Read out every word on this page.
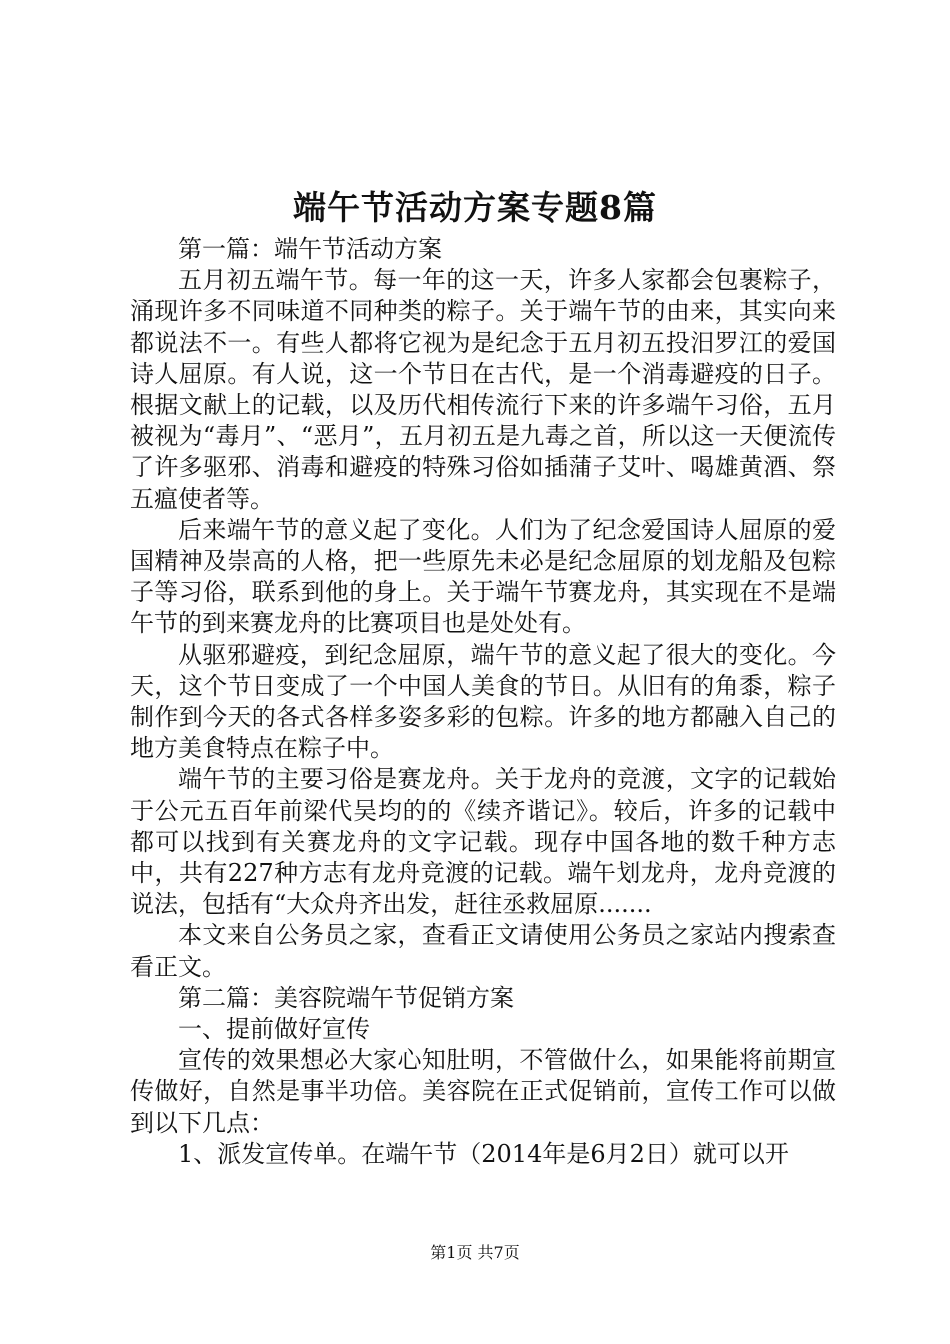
端午节活动方案专题8篇

第一篇：端午节活动方案

五月初五端午节。每一年的这一天，许多人家都会包裹粽子，涌现许多不同味道不同种类的粽子。关于端午节的由来，其实向来都说法不一。有些人都将它视为是纪念于五月初五投汨罗江的爱国诗人屈原。有人说，这一个节日在古代，是一个消毒避疫的日子。根据文献上的记载，以及历代相传流行下来的许多端午习俗，五月被视为“毒月”、“恶月”，五月初五是九毒之首，所以这一天便流传了许多驱邪、消毒和避疫的特殊习俗如插蒲子艾叶、喝雄黄酒、祭五瘟使者等。

后来端午节的意义起了变化。人们为了纪念爱国诗人屈原的爱国精神及崇高的人格，把一些原先未必是纪念屈原的划龙船及包粽子等习俗，联系到他的身上。关于端午节赛龙舟，其实现在不是端午节的到来赛龙舟的比赛项目也是处处有。

从驱邪避疫，到纪念屈原，端午节的意义起了很大的变化。今天，这个节日变成了一个中国人美食的节日。从旧有的角黍，粽子制作到今天的各式各样多姿多彩的包粽。许多的地方都融入自己的地方美食特点在粽子中。

端午节的主要习俗是赛龙舟。关于龙舟的竞渡，文字的记载始于公元五百年前梁代吴均的的《续齐谐记》。较后，许多的记载中都可以找到有关赛龙舟的文字记载。现存中国各地的数千种方志中，共有227种方志有龙舟竞渡的记载。端午划龙舟，龙舟竞渡的说法，包括有“大众舟齐出发，赶往丞救屈原.......

本文来自公务员之家，查看正文请使用公务员之家站内搜索查看正文。

第二篇：美容院端午节促销方案

一、提前做好宣传

宣传的效果想必大家心知肚明，不管做什么，如果能将前期宣传做好，自然是事半功倍。美容院在正式促销前，宣传工作可以做到以下几点：

1、派发宣传单。在端午节（2014年是6月2日）就可以开

第1页 共7页
